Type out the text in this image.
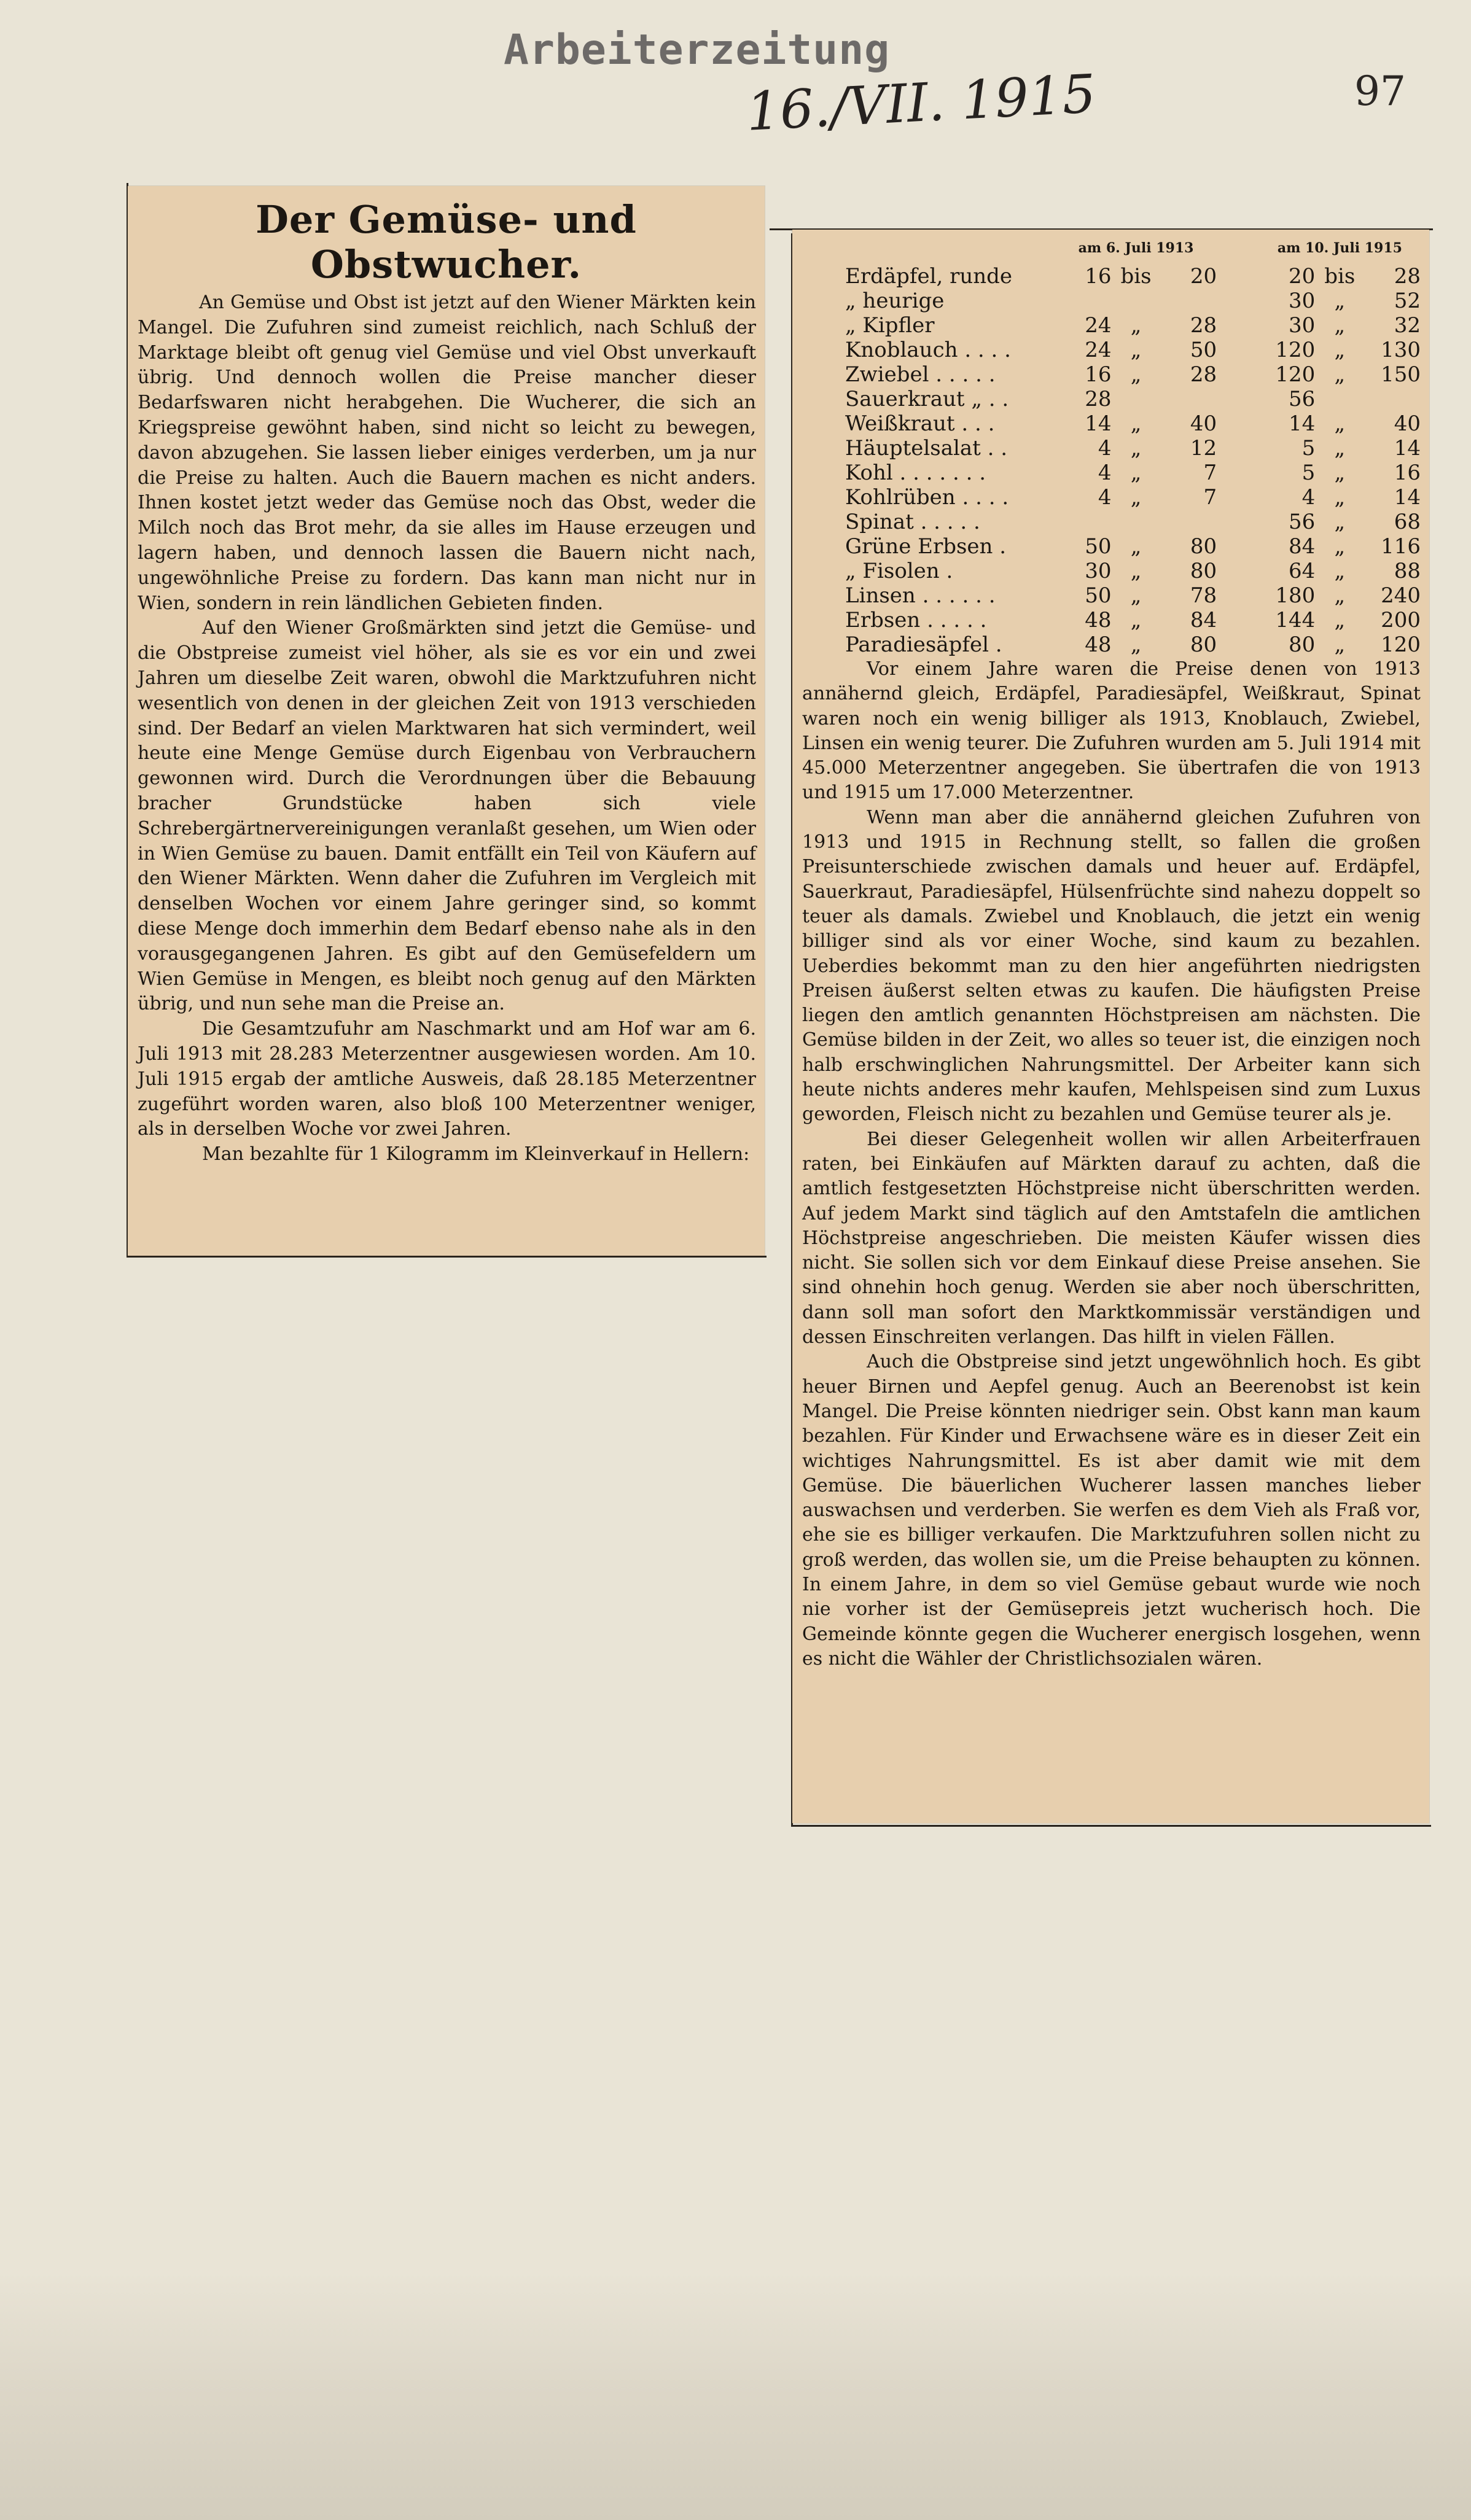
Arbeiterzeitung
16./VII. 1915	97
Der Gemüse- und Obstwucher.

An Gemüse und Obst ist jetzt auf den Wiener Märkten kein Mangel. Die Zufuhren sind zumeist reichlich, nach Schluß der Marktage bleibt oft genug viel Gemüse und viel Obst unverkauft übrig. Und dennoch wollen die Preise mancher dieser Bedarfswaren nicht herabgehen. Die Wucherer, die sich an Kriegspreise gewöhnt haben, sind nicht so leicht zu bewegen, davon abzugehen. Sie lassen lieber einiges verderben, um ja nur die Preise zu halten. Auch die Bauern machen es nicht anders. Ihnen kostet jetzt weder das Gemüse noch das Obst, weder die Milch noch das Brot mehr, da sie alles im Hause erzeugen und lagern haben, und dennoch lassen die Bauern nicht nach, ungewöhnliche Preise zu fordern. Das kann man nicht nur in Wien, sondern in rein ländlichen Gebieten finden.

Auf den Wiener Großmärkten sind jetzt die Gemüse- und die Obstpreise zumeist viel höher, als sie es vor ein und zwei Jahren um dieselbe Zeit waren, obwohl die Marktzufuhren nicht wesentlich von denen in der gleichen Zeit von 1913 verschieden sind. Der Bedarf an vielen Marktwaren hat sich vermindert, weil heute eine Menge Gemüse durch Eigenbau von Verbrauchern gewonnen wird. Durch die Verordnungen über die Bebauung bracher Grundstücke haben sich viele Schrebergärtnervereinigungen veranlaßt gesehen, um Wien oder in Wien Gemüse zu bauen. Damit entfällt ein Teil von Käufern auf den Wiener Märkten. Wenn daher die Zufuhren im Vergleich mit denselben Wochen vor einem Jahre geringer sind, so kommt diese Menge doch immerhin dem Bedarf ebenso nahe als in den vorausgegangenen Jahren. Es gibt auf den Gemüsefeldern um Wien Gemüse in Mengen, es bleibt noch genug auf den Märkten übrig, und nun sehe man die Preise an.

Die Gesamtzufuhr am Naschmarkt und am Hof war am 6. Juli 1913 mit 28.283 Meterzentner ausgewiesen worden. Am 10. Juli 1915 ergab der amtliche Ausweis, daß 28.185 Meterzentner zugeführt worden waren, also bloß 100 Meterzentner weniger, als in derselben Woche vor zwei Jahren.

Man bezahlte für 1 Kilogramm im Kleinverkauf in Hellern:

	am 6. Juli 1913				am 10. Juli 1915		
Erdäpfel, runde	16	bis	20		20	bis	28
„ heurige					30	„	52
„ Kipfler	24	„	28		30	„	32
Knoblauch . . . .	24	„	50		120	„	130
Zwiebel . . . . .	16	„	28		120	„	150
Sauerkraut „ . .	28				56		
Weißkraut . . .	14	„	40		14	„	40
Häuptelsalat . .	4	„	12		5	„	14
Kohl . . . . . . .	4	„	7		5	„	16
Kohlrüben . . . .	4	„	7		4	„	14
Spinat . . . . .					56	„	68
Grüne Erbsen .	50	„	80		84	„	116
„ Fisolen .	30	„	80		64	„	88
Linsen . . . . . .	50	„	78		180	„	240
Erbsen . . . . .	48	„	84		144	„	200
Paradiesäpfel .	48	„	80		80	„	120

Vor einem Jahre waren die Preise denen von 1913 annähernd gleich, Erdäpfel, Paradiesäpfel, Weißkraut, Spinat waren noch ein wenig billiger als 1913, Knoblauch, Zwiebel, Linsen ein wenig teurer. Die Zufuhren wurden am 5. Juli 1914 mit 45.000 Meterzentner angegeben. Sie übertrafen die von 1913 und 1915 um 17.000 Meterzentner.

Wenn man aber die annähernd gleichen Zufuhren von 1913 und 1915 in Rechnung stellt, so fallen die großen Preisunterschiede zwischen damals und heuer auf. Erdäpfel, Sauerkraut, Paradiesäpfel, Hülsenfrüchte sind nahezu doppelt so teuer als damals. Zwiebel und Knoblauch, die jetzt ein wenig billiger sind als vor einer Woche, sind kaum zu bezahlen. Ueberdies bekommt man zu den hier angeführten niedrigsten Preisen äußerst selten etwas zu kaufen. Die häufigsten Preise liegen den amtlich genannten Höchstpreisen am nächsten. Die Gemüse bilden in der Zeit, wo alles so teuer ist, die einzigen noch halb erschwinglichen Nahrungsmittel. Der Arbeiter kann sich heute nichts anderes mehr kaufen, Mehlspeisen sind zum Luxus geworden, Fleisch nicht zu bezahlen und Gemüse teurer als je.

Bei dieser Gelegenheit wollen wir allen Arbeiterfrauen raten, bei Einkäufen auf Märkten darauf zu achten, daß die amtlich festgesetzten Höchstpreise nicht überschritten werden. Auf jedem Markt sind täglich auf den Amtstafeln die amtlichen Höchstpreise angeschrieben. Die meisten Käufer wissen dies nicht. Sie sollen sich vor dem Einkauf diese Preise ansehen. Sie sind ohnehin hoch genug. Werden sie aber noch überschritten, dann soll man sofort den Marktkommissär verständigen und dessen Einschreiten verlangen. Das hilft in vielen Fällen.

Auch die Obstpreise sind jetzt ungewöhnlich hoch. Es gibt heuer Birnen und Aepfel genug. Auch an Beerenobst ist kein Mangel. Die Preise könnten niedriger sein. Obst kann man kaum bezahlen. Für Kinder und Erwachsene wäre es in dieser Zeit ein wichtiges Nahrungsmittel. Es ist aber damit wie mit dem Gemüse. Die bäuerlichen Wucherer lassen manches lieber auswachsen und verderben. Sie werfen es dem Vieh als Fraß vor, ehe sie es billiger verkaufen. Die Marktzufuhren sollen nicht zu groß werden, das wollen sie, um die Preise behaupten zu können. In einem Jahre, in dem so viel Gemüse gebaut wurde wie noch nie vorher ist der Gemüsepreis jetzt wucherisch hoch. Die Gemeinde könnte gegen die Wucherer energisch losgehen, wenn es nicht die Wähler der Christlichsozialen wären.
